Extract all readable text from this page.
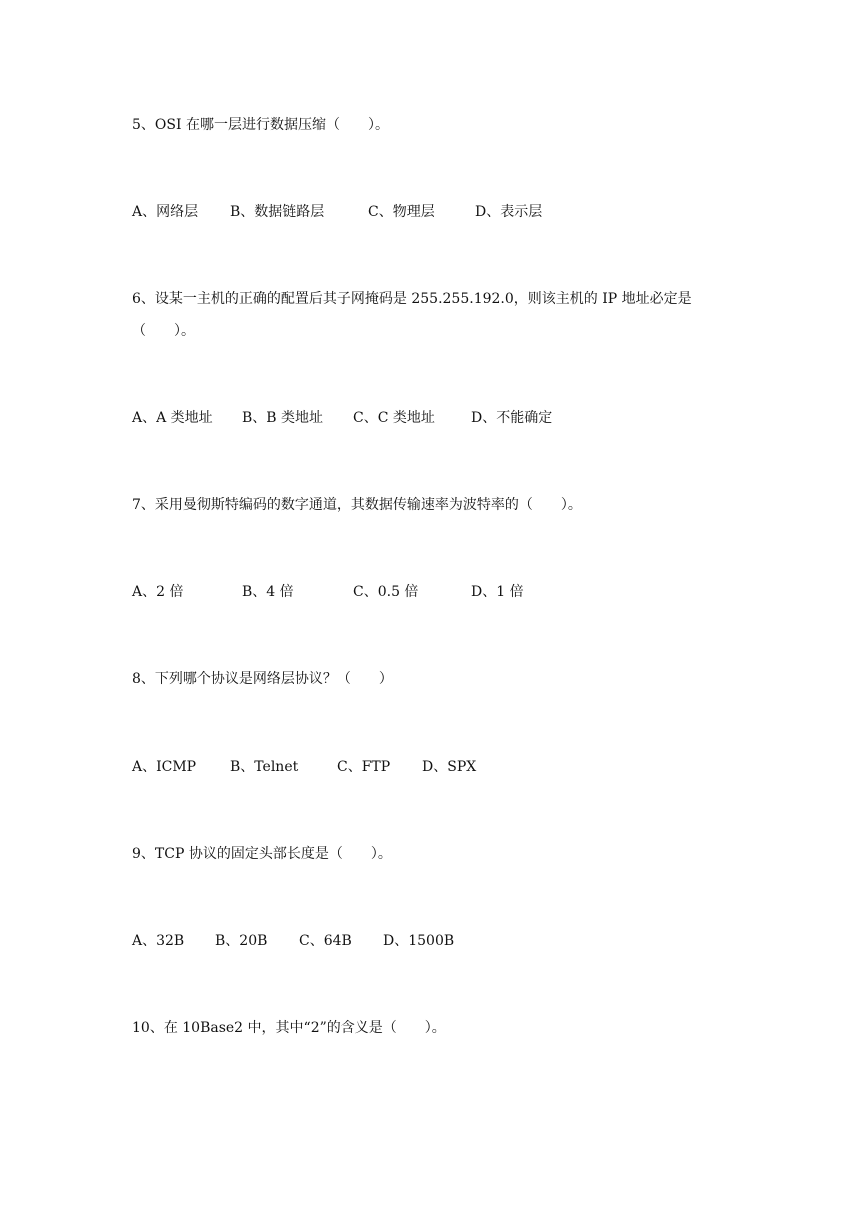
5、OSI 在哪一层进行数据压缩（　　）。
A、网络层 B、数据链路层	C、物理层	D、表示层
6、设某一主机的正确的配置后其子网掩码是 255.255.192.0，则该主机的 IP 地址必定是
（　　）。
A、A 类地址 B、B 类地址 C、C 类地址	D、不能确定
7、采用曼彻斯特编码的数字通道，其数据传输速率为波特率的（　　）。
A、2 倍	B、4 倍	C、0.5 倍	D、1 倍
8、下列哪个协议是网络层协议？（　　）
A、ICMP B、Telnet	C、FTP D、SPX
9、TCP 协议的固定头部长度是（　　）。
A、32B B、20B C、64B D、1500B
10、在 10Base2 中，其中“2”的含义是（　　）。
